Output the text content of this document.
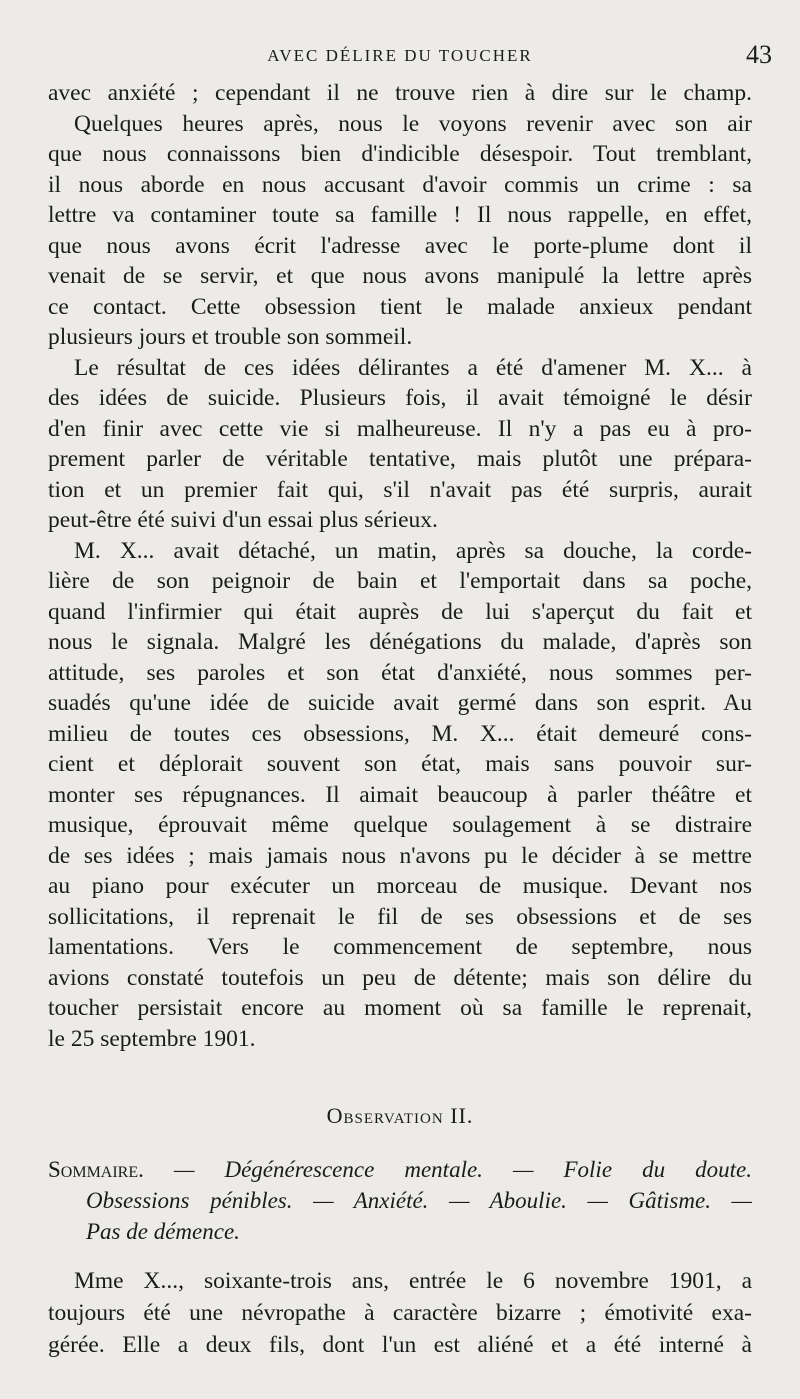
AVEC DÉLIRE DU TOUCHER	43
avec anxiété ; cependant il ne trouve rien à dire sur le champ.
Quelques heures après, nous le voyons revenir avec son air
que nous connaissons bien d'indicible désespoir. Tout tremblant,
il nous aborde en nous accusant d'avoir commis un crime : sa
lettre va contaminer toute sa famille ! Il nous rappelle, en effet,
que nous avons écrit l'adresse avec le porte-plume dont il
venait de se servir, et que nous avons manipulé la lettre après
ce contact. Cette obsession tient le malade anxieux pendant
plusieurs jours et trouble son sommeil.
Le résultat de ces idées délirantes a été d'amener M. X... à
des idées de suicide. Plusieurs fois, il avait témoigné le désir
d'en finir avec cette vie si malheureuse. Il n'y a pas eu à pro-
prement parler de véritable tentative, mais plutôt une prépara-
tion et un premier fait qui, s'il n'avait pas été surpris, aurait
peut-être été suivi d'un essai plus sérieux.
M. X... avait détaché, un matin, après sa douche, la corde-
lière de son peignoir de bain et l'emportait dans sa poche,
quand l'infirmier qui était auprès de lui s'aperçut du fait et
nous le signala. Malgré les dénégations du malade, d'après son
attitude, ses paroles et son état d'anxiété, nous sommes per-
suadés qu'une idée de suicide avait germé dans son esprit. Au
milieu de toutes ces obsessions, M. X... était demeuré cons-
cient et déplorait souvent son état, mais sans pouvoir sur-
monter ses répugnances. Il aimait beaucoup à parler théâtre et
musique, éprouvait même quelque soulagement à se distraire
de ses idées ; mais jamais nous n'avons pu le décider à se mettre
au piano pour exécuter un morceau de musique. Devant nos
sollicitations, il reprenait le fil de ses obsessions et de ses
lamentations. Vers le commencement de septembre, nous
avions constaté toutefois un peu de détente; mais son délire du
toucher persistait encore au moment où sa famille le reprenait,
le 25 septembre 1901.
Observation II.
Sommaire. — Dégénérescence mentale. — Folie du doute.
Obsessions pénibles. — Anxiété. — Aboulie. — Gâtisme. —
Pas de démence.
Mme X..., soixante-trois ans, entrée le 6 novembre 1901, a
toujours été une névropathe à caractère bizarre ; émotivité exa-
gérée. Elle a deux fils, dont l'un est aliéné et a été interné à
